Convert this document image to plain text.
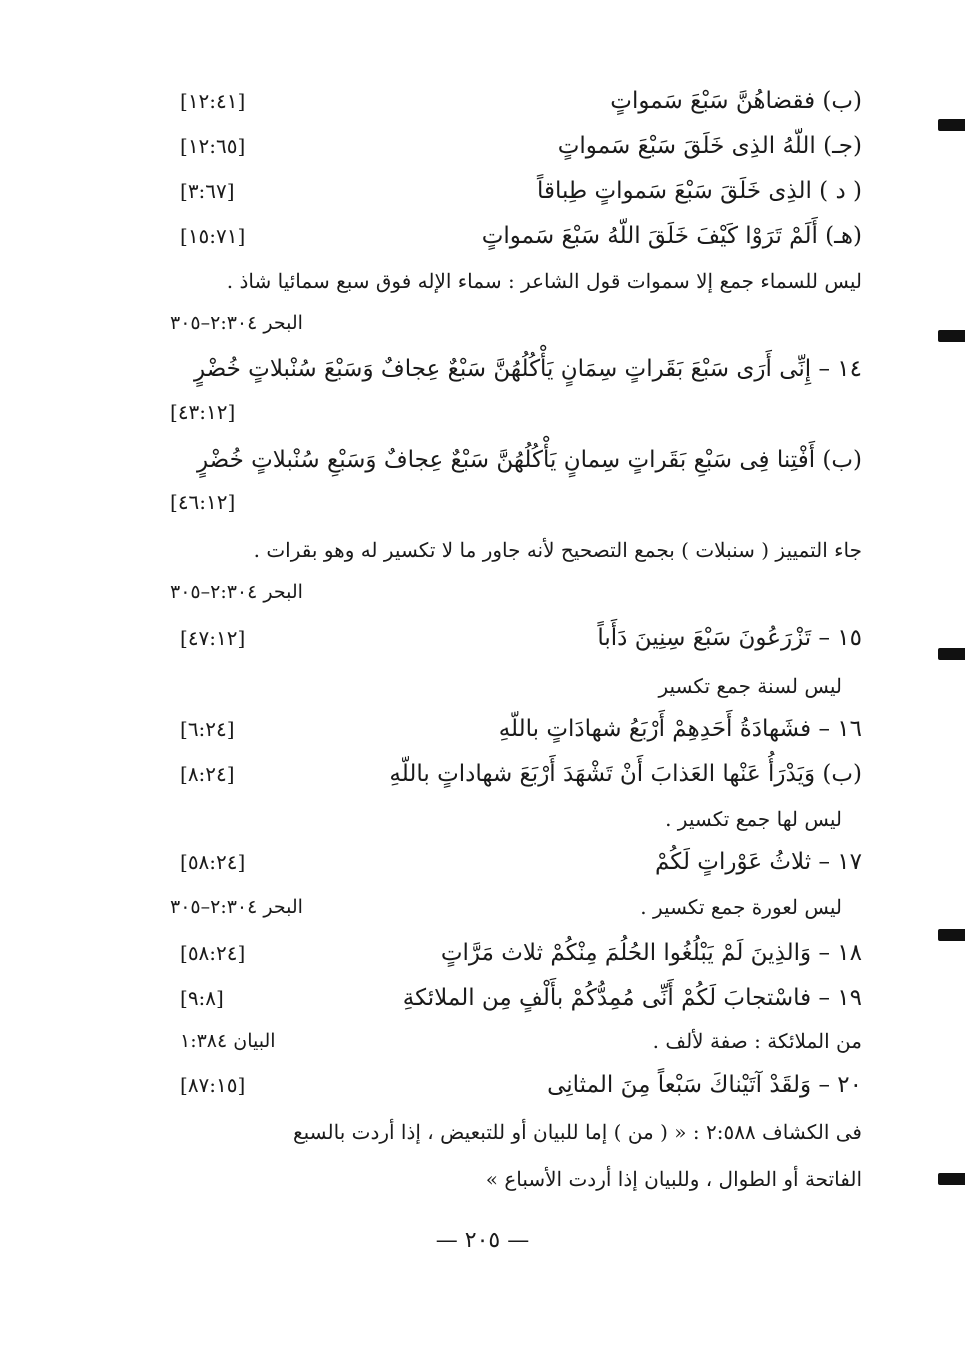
(ب) فقضاهُنَّ سَبْعَ سَمواتٍ
[١٢:٤١]
(جـ) اللّهُ الذِى خَلَقَ سَبْعَ سَمواتٍ
[١٢:٦٥]
( د ) الذِى خَلَقَ سَبْعَ سَمواتٍ طِباقاً
[٣:٦٧]
(هـ) أَلَمْ تَرَوْا كَيْفَ خَلَقَ اللّهُ سَبْعَ سَمواتٍ
[١٥:٧١]
ليس للسماء جمع إلا سموات قول الشاعر : سماء الإله فوق سبع سمائيا شاذ .
البحر ٢:٣٠٤–٣٠٥
١٤ – إِنِّى أَرَى سَبْعَ بَقَراتٍ سِمَانٍ يَأْكُلُهُنَّ سَبْعٌ عِجافٌ وَسَبْعَ سُنْبلاتٍ خُضْرٍ
[٤٣:١٢]
(ب) أَفْتِنا فِى سَبْعِ بَقَراتٍ سِمانٍ يَأْكُلُهُنَّ سَبْعٌ عِجافٌ وَسَبْعِ سُنْبلاتٍ خُضْرٍ
[٤٦:١٢]
جاء التمييز ( سنبلات ) بجمع التصحيح لأنه جاور ما لا تكسير له وهو بقرات .
البحر ٢:٣٠٤–٣٠٥
١٥ – تَزْرَعُونَ سَبْعَ سِنِينَ دَأَباً
[٤٧:١٢]
ليس لسنة جمع تكسير
١٦ – فشَهادَةُ أَحَدِهِمْ أَرْبَعُ شهادَاتٍ باللّهِ
[٦:٢٤]
(ب) وَيَدْرَأُ عَنْها العَذابَ أَنْ تَشْهَدَ أَرْبَعَ شهاداتٍ باللّهِ
[٨:٢٤]
ليس لها جمع تكسير .
١٧ – ثلاثُ عَوْراتٍ لَكُمْ
[٥٨:٢٤]
ليس لعورة جمع تكسير .
البحر ٢:٣٠٤–٣٠٥
١٨ – وَالذِينَ لَمْ يَبْلُغُوا الحُلُمَ مِنْكُمْ ثلاث مَرَّاتٍ
[٥٨:٢٤]
١٩ – فاسْتجابَ لَكُمْ أَنِّى مُمِدُّكُمْ بأَلْفٍ مِن الملائكةِ
[٩:٨]
من الملائكة : صفة لألف .
البيان ١:٣٨٤
٢٠ – وَلقَدْ آتَيْناكَ سَبْعاً مِنَ المثانِى
[٨٧:١٥]
فى الكشاف ٢:٥٨٨ : « ( من ) إما للبيان أو للتبعيض ، إذا أردت بالسبع
الفاتحة أو الطوال ، وللبيان إذا أردت الأسباع »
— ٢٠٥ —
